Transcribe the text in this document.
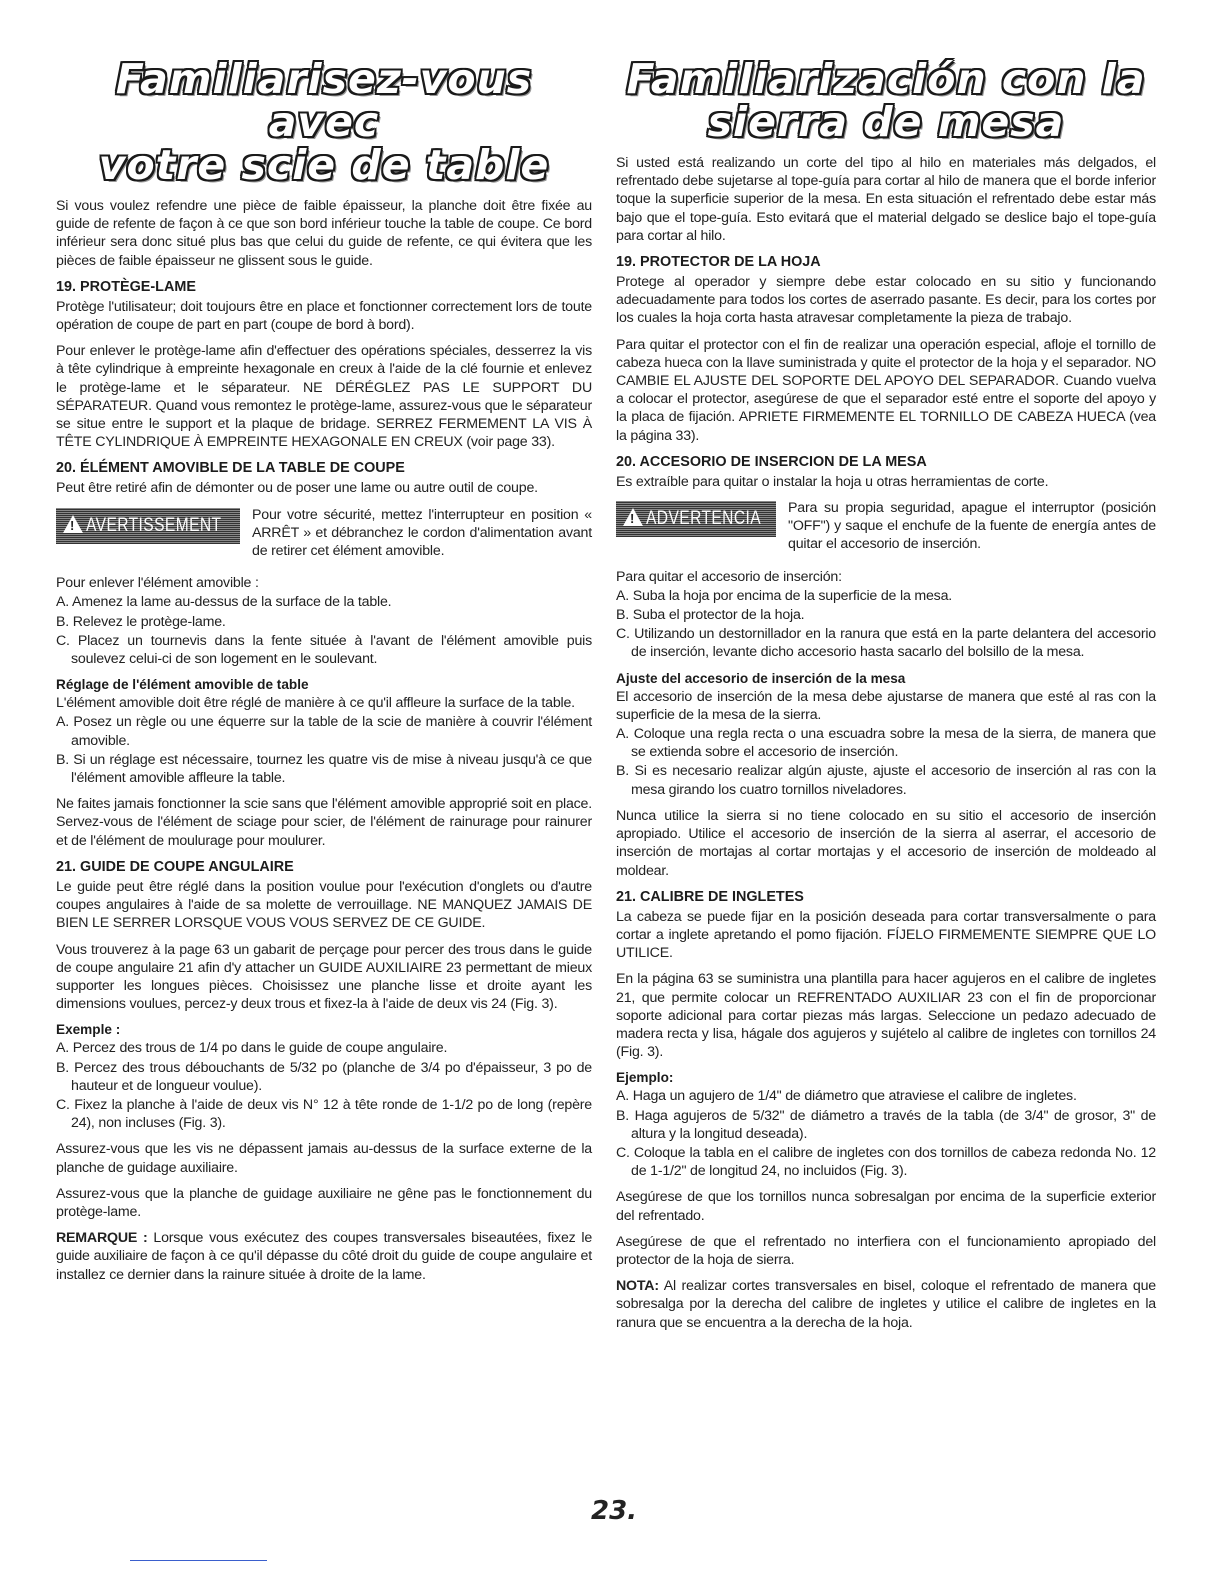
Familiarisez-vous avec
votre scie de table

Si vous voulez refendre une pièce de faible épaisseur, la planche doit être fixée au guide de refente de façon à ce que son bord inférieur touche la table de coupe. Ce bord inférieur sera donc situé plus bas que celui du guide de refente, ce qui évitera que les pièces de faible épaisseur ne glissent sous le guide.

19. PROTÈGE-LAME

Protège l'utilisateur; doit toujours être en place et fonctionner correctement lors de toute opération de coupe de part en part (coupe de bord à bord).

Pour enlever le protège-lame afin d'effectuer des opérations spéciales, desserrez la vis à tête cylindrique à empreinte hexagonale en creux à l'aide de la clé fournie et enlevez le protège-lame et le séparateur. NE DÉRÉGLEZ PAS LE SUPPORT DU SÉPARATEUR. Quand vous remontez le protège-lame, assurez-vous que le séparateur se situe entre le support et la plaque de bridage. SERREZ FERMEMENT LA VIS À TÊTE CYLINDRIQUE À EMPREINTE HEXAGONALE EN CREUX (voir page 33).

20. ÉLÉMENT AMOVIBLE DE LA TABLE DE COUPE

Peut être retiré afin de démonter ou de poser une lame ou autre outil de coupe.

! AVERTISSEMENT	Pour votre sécurité, mettez l'interrupteur en position « ARRÊT » et débranchez le cordon d'alimentation avant de retirer cet élément amovible.

Pour enlever l'élément amovible :

A. Amenez la lame au-dessus de la surface de la table.

B. Relevez le protège-lame.

C. Placez un tournevis dans la fente située à l'avant de l'élément amovible puis soulevez celui-ci de son logement en le soulevant.

Réglage de l'élément amovible de table

L'élément amovible doit être réglé de manière à ce qu'il affleure la surface de la table.

A. Posez un règle ou une équerre sur la table de la scie de manière à couvrir l'élément amovible.

B. Si un réglage est nécessaire, tournez les quatre vis de mise à niveau jusqu'à ce que l'élément amovible affleure la table.

Ne faites jamais fonctionner la scie sans que l'élément amovible approprié soit en place. Servez-vous de l'élément de sciage pour scier, de l'élément de rainurage pour rainurer et de l'élément de moulurage pour moulurer.

21. GUIDE DE COUPE ANGULAIRE

Le guide peut être réglé dans la position voulue pour l'exécution d'onglets ou d'autre coupes angulaires à l'aide de sa molette de verrouillage. NE MANQUEZ JAMAIS DE BIEN LE SERRER LORSQUE VOUS VOUS SERVEZ DE CE GUIDE.

Vous trouverez à la page 63 un gabarit de perçage pour percer des trous dans le guide de coupe angulaire 21 afin d'y attacher un GUIDE AUXILIAIRE 23 permettant de mieux supporter les longues pièces. Choisissez une planche lisse et droite ayant les dimensions voulues, percez-y deux trous et fixez-la à l'aide de deux vis 24 (Fig. 3).

Exemple :

A. Percez des trous de 1/4 po dans le guide de coupe angulaire.

B. Percez des trous débouchants de 5/32 po (planche de 3/4 po d'épaisseur, 3 po de hauteur et de longueur voulue).

C. Fixez la planche à l'aide de deux vis N° 12 à tête ronde de 1-1/2 po de long (repère 24), non incluses (Fig. 3).

Assurez-vous que les vis ne dépassent jamais au-dessus de la surface externe de la planche de guidage auxiliaire.

Assurez-vous que la planche de guidage auxiliaire ne gêne pas le fonctionnement du protège-lame.

REMARQUE : Lorsque vous exécutez des coupes transversales biseautées, fixez le guide auxiliaire de façon à ce qu'il dépasse du côté droit du guide de coupe angulaire et installez ce dernier dans la rainure située à droite de la lame.

Familiarización con la
sierra de mesa

Si usted está realizando un corte del tipo al hilo en materiales más delgados, el refrentado debe sujetarse al tope-guía para cortar al hilo de manera que el borde inferior toque la superficie superior de la mesa. En esta situación el refrentado debe estar más bajo que el tope-guía. Esto evitará que el material delgado se deslice bajo el tope-guía para cortar al hilo.

19. PROTECTOR DE LA HOJA

Protege al operador y siempre debe estar colocado en su sitio y funcionando adecuadamente para todos los cortes de aserrado pasante. Es decir, para los cortes por los cuales la hoja corta hasta atravesar completamente la pieza de trabajo.

Para quitar el protector con el fin de realizar una operación especial, afloje el tornillo de cabeza hueca con la llave suministrada y quite el protector de la hoja y el separador. NO CAMBIE EL AJUSTE DEL SOPORTE DEL APOYO DEL SEPARADOR. Cuando vuelva a colocar el protector, asegúrese de que el separador esté entre el soporte del apoyo y la placa de fijación. APRIETE FIRMEMENTE EL TORNILLO DE CABEZA HUECA (vea la página 33).

20. ACCESORIO DE INSERCION DE LA MESA

Es extraíble para quitar o instalar la hoja u otras herramientas de corte.

! ADVERTENCIA	Para su propia seguridad, apague el interruptor (posición "OFF") y saque el enchufe de la fuente de energía antes de quitar el accesorio de inserción.

Para quitar el accesorio de inserción:

A. Suba la hoja por encima de la superficie de la mesa.

B. Suba el protector de la hoja.

C. Utilizando un destornillador en la ranura que está en la parte delantera del accesorio de inserción, levante dicho accesorio hasta sacarlo del bolsillo de la mesa.

Ajuste del accesorio de inserción de la mesa

El accesorio de inserción de la mesa debe ajustarse de manera que esté al ras con la superficie de la mesa de la sierra.

A. Coloque una regla recta o una escuadra sobre la mesa de la sierra, de manera que se extienda sobre el accesorio de inserción.

B. Si es necesario realizar algún ajuste, ajuste el accesorio de inserción al ras con la mesa girando los cuatro tornillos niveladores.

Nunca utilice la sierra si no tiene colocado en su sitio el accesorio de inserción apropiado. Utilice el accesorio de inserción de la sierra al aserrar, el accesorio de inserción de mortajas al cortar mortajas y el accesorio de inserción de moldeado al moldear.

21. CALIBRE DE INGLETES

La cabeza se puede fijar en la posición deseada para cortar transversalmente o para cortar a inglete apretando el pomo fijación. FÍJELO FIRMEMENTE SIEMPRE QUE LO UTILICE.

En la página 63 se suministra una plantilla para hacer agujeros en el calibre de ingletes 21, que permite colocar un REFRENTADO AUXILIAR 23 con el fin de proporcionar soporte adicional para cortar piezas más largas. Seleccione un pedazo adecuado de madera recta y lisa, hágale dos agujeros y sujételo al calibre de ingletes con tornillos 24 (Fig. 3).

Ejemplo:

A. Haga un agujero de 1/4" de diámetro que atraviese el calibre de ingletes.

B. Haga agujeros de 5/32" de diámetro a través de la tabla (de 3/4" de grosor, 3" de altura y la longitud deseada).

C. Coloque la tabla en el calibre de ingletes con dos tornillos de cabeza redonda No. 12 de 1-1/2" de longitud 24, no incluidos (Fig. 3).

Asegúrese de que los tornillos nunca sobresalgan por encima de la superficie exterior del refrentado.

Asegúrese de que el refrentado no interfiera con el funcionamiento apropiado del protector de la hoja de sierra.

NOTA: Al realizar cortes transversales en bisel, coloque el refrentado de manera que sobresalga por la derecha del calibre de ingletes y utilice el calibre de ingletes en la ranura que se encuentra a la derecha de la hoja.

23.
